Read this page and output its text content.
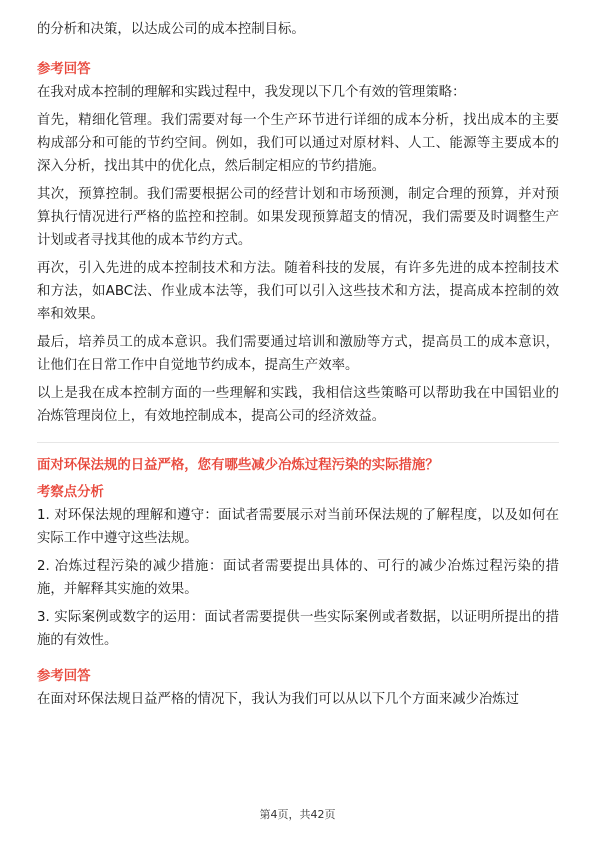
的分析和决策，以达成公司的成本控制目标。

参考回答

在我对成本控制的理解和实践过程中，我发现以下几个有效的管理策略：

首先，精细化管理。我们需要对每一个生产环节进行详细的成本分析，找出成本的主要构成部分和可能的节约空间。例如，我们可以通过对原材料、人工、能源等主要成本的深入分析，找出其中的优化点，然后制定相应的节约措施。

其次，预算控制。我们需要根据公司的经营计划和市场预测，制定合理的预算，并对预算执行情况进行严格的监控和控制。如果发现预算超支的情况，我们需要及时调整生产计划或者寻找其他的成本节约方式。

再次，引入先进的成本控制技术和方法。随着科技的发展，有许多先进的成本控制技术和方法，如ABC法、作业成本法等，我们可以引入这些技术和方法，提高成本控制的效率和效果。

最后，培养员工的成本意识。我们需要通过培训和激励等方式，提高员工的成本意识，让他们在日常工作中自觉地节约成本，提高生产效率。

以上是我在成本控制方面的一些理解和实践，我相信这些策略可以帮助我在中国铝业的冶炼管理岗位上，有效地控制成本，提高公司的经济效益。

面对环保法规的日益严格，您有哪些减少冶炼过程污染的实际措施？

考察点分析

1. 对环保法规的理解和遵守：面试者需要展示对当前环保法规的了解程度，以及如何在实际工作中遵守这些法规。

2. 冶炼过程污染的减少措施：面试者需要提出具体的、可行的减少冶炼过程污染的措施，并解释其实施的效果。

3. 实际案例或数字的运用：面试者需要提供一些实际案例或者数据，以证明所提出的措施的有效性。

参考回答

在面对环保法规日益严格的情况下，我认为我们可以从以下几个方面来减少冶炼过

第4页，共42页
